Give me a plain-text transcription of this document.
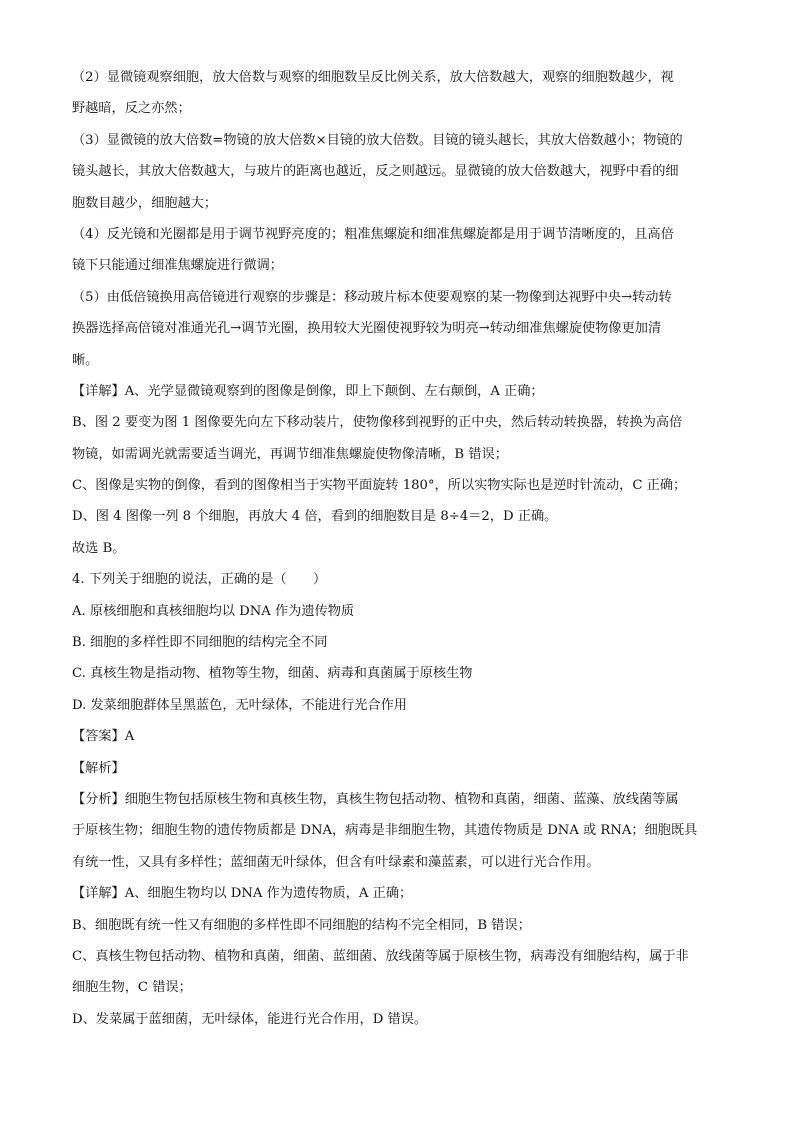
（2）显微镜观察细胞，放大倍数与观察的细胞数呈反比例关系，放大倍数越大，观察的细胞数越少，视
野越暗，反之亦然；
（3）显微镜的放大倍数=物镜的放大倍数×目镜的放大倍数。目镜的镜头越长，其放大倍数越小；物镜的
镜头越长，其放大倍数越大，与玻片的距离也越近，反之则越远。显微镜的放大倍数越大，视野中看的细
胞数目越少，细胞越大；
（4）反光镜和光圈都是用于调节视野亮度的；粗准焦螺旋和细准焦螺旋都是用于调节清晰度的，且高倍
镜下只能通过细准焦螺旋进行微调；
（5）由低倍镜换用高倍镜进行观察的步骤是：移动玻片标本使要观察的某一物像到达视野中央→转动转
换器选择高倍镜对准通光孔→调节光圈，换用较大光圈使视野较为明亮→转动细准焦螺旋使物像更加清
晰。
【详解】A、光学显微镜观察到的图像是倒像，即上下颠倒、左右颠倒，A 正确；
B、图 2 要变为图 1 图像要先向左下移动装片，使物像移到视野的正中央，然后转动转换器，转换为高倍
物镜，如需调光就需要适当调光，再调节细准焦螺旋使物像清晰，B 错误；
C、图像是实物的倒像，看到的图像相当于实物平面旋转 180°，所以实物实际也是逆时针流动，C 正确；
D、图 4 图像一列 8 个细胞，再放大 4 倍，看到的细胞数目是 8÷4＝2，D 正确。
故选 B。
4. 下列关于细胞的说法，正确的是（　　）
A. 原核细胞和真核细胞均以 DNA 作为遗传物质
B. 细胞的多样性即不同细胞的结构完全不同
C. 真核生物是指动物、植物等生物，细菌、病毒和真菌属于原核生物
D. 发菜细胞群体呈黑蓝色，无叶绿体，不能进行光合作用
【答案】A
【解析】
【分析】细胞生物包括原核生物和真核生物，真核生物包括动物、植物和真菌，细菌、蓝藻、放线菌等属
于原核生物；细胞生物的遗传物质都是 DNA，病毒是非细胞生物，其遗传物质是 DNA 或 RNA；细胞既具
有统一性，又具有多样性；蓝细菌无叶绿体，但含有叶绿素和藻蓝素，可以进行光合作用。
【详解】A、细胞生物均以 DNA 作为遗传物质，A 正确；
B、细胞既有统一性又有细胞的多样性即不同细胞的结构不完全相同，B 错误；
C、真核生物包括动物、植物和真菌，细菌、蓝细菌、放线菌等属于原核生物，病毒没有细胞结构，属于非
细胞生物，C 错误；
D、发菜属于蓝细菌，无叶绿体，能进行光合作用，D 错误。
